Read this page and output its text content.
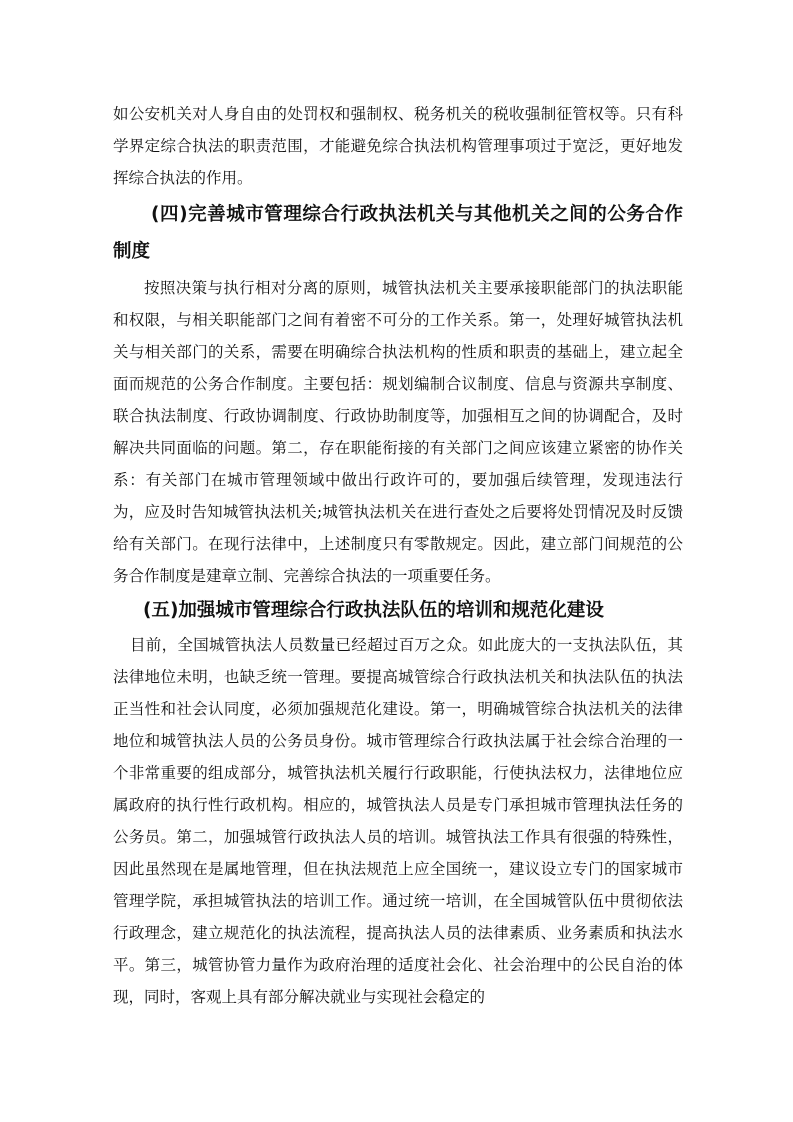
如公安机关对人身自由的处罚权和强制权、税务机关的税收强制征管权等。只有科学界定综合执法的职责范围，才能避免综合执法机构管理事项过于宽泛，更好地发挥综合执法的作用。

(四)完善城市管理综合行政执法机关与其他机关之间的公务合作制度

按照决策与执行相对分离的原则，城管执法机关主要承接职能部门的执法职能和权限，与相关职能部门之间有着密不可分的工作关系。第一，处理好城管执法机关与相关部门的关系，需要在明确综合执法机构的性质和职责的基础上，建立起全面而规范的公务合作制度。主要包括：规划编制合议制度、信息与资源共享制度、联合执法制度、行政协调制度、行政协助制度等，加强相互之间的协调配合，及时解决共同面临的问题。第二，存在职能衔接的有关部门之间应该建立紧密的协作关系：有关部门在城市管理领域中做出行政许可的，要加强后续管理，发现违法行为，应及时告知城管执法机关;城管执法机关在进行查处之后要将处罚情况及时反馈给有关部门。在现行法律中，上述制度只有零散规定。因此，建立部门间规范的公务合作制度是建章立制、完善综合执法的一项重要任务。

(五)加强城市管理综合行政执法队伍的培训和规范化建设

目前，全国城管执法人员数量已经超过百万之众。如此庞大的一支执法队伍，其法律地位未明，也缺乏统一管理。要提高城管综合行政执法机关和执法队伍的执法正当性和社会认同度，必须加强规范化建设。第一，明确城管综合执法机关的法律地位和城管执法人员的公务员身份。城市管理综合行政执法属于社会综合治理的一个非常重要的组成部分，城管执法机关履行行政职能，行使执法权力，法律地位应属政府的执行性行政机构。相应的，城管执法人员是专门承担城市管理执法任务的公务员。第二，加强城管行政执法人员的培训。城管执法工作具有很强的特殊性，因此虽然现在是属地管理，但在执法规范上应全国统一，建议设立专门的国家城市管理学院，承担城管执法的培训工作。通过统一培训，在全国城管队伍中贯彻依法行政理念，建立规范化的执法流程，提高执法人员的法律素质、业务素质和执法水平。第三，城管协管力量作为政府治理的适度社会化、社会治理中的公民自治的体现，同时，客观上具有部分解决就业与实现社会稳定的
